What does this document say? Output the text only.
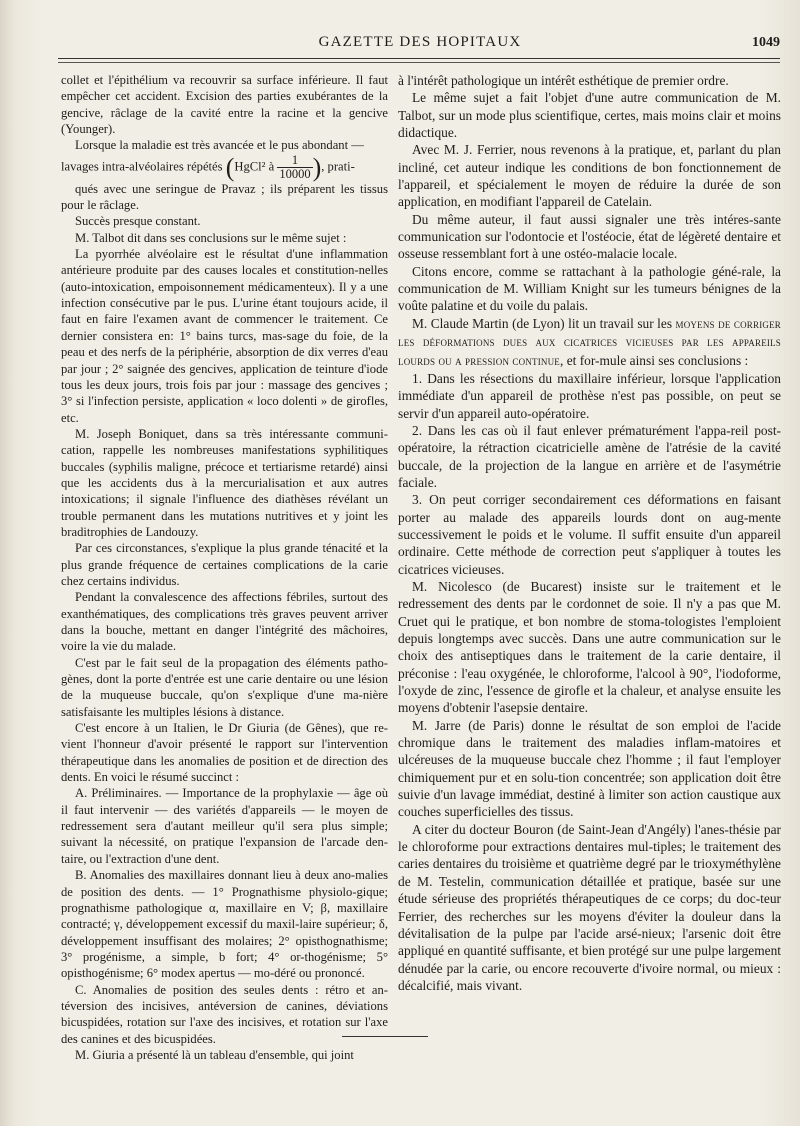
GAZETTE DES HOPITAUX	1049

collet et l'épithélium va recouvrir sa surface inférieure. Il faut empêcher cet accident. Excision des parties exubérantes de la gencive, râclage de la cavité entre la racine et la gencive (Younger).

Lorsque la maladie est très avancée et le pus abondant —

lavages intra-alvéolaires répétés (HgCl² à $\frac{1}{10000}$ ), prati-

qués avec une seringue de Pravaz ; ils préparent les tissus pour le râclage.

Succès presque constant.

M. Talbot dit dans ses conclusions sur le même sujet :

La pyorrhée alvéolaire est le résultat d'une inflammation antérieure produite par des causes locales et constitution-nelles (auto-intoxication, empoisonnement médicamenteux). Il y a une infection consécutive par le pus. L'urine étant toujours acide, il faut en faire l'examen avant de commencer le traitement. Ce dernier consistera en: 1° bains turcs, mas-sage du foie, de la peau et des nerfs de la périphérie, absorption de dix verres d'eau par jour ; 2° saignée des gencives, application de teinture d'iode tous les deux jours, trois fois par jour : massage des gencives ; 3° si l'infection persiste, application « loco dolenti » de girofles, etc.

M. Joseph Boniquet, dans sa très intéressante communi-cation, rappelle les nombreuses manifestations syphilitiques buccales (syphilis maligne, précoce et tertiarisme retardé) ainsi que les accidents dus à la mercurialisation et aux autres intoxications; il signale l'influence des diathèses révélant un trouble permanent dans les mutations nutritives et y joint les braditrophies de Landouzy.

Par ces circonstances, s'explique la plus grande ténacité et la plus grande fréquence de certaines complications de la carie chez certains individus.

Pendant la convalescence des affections fébriles, surtout des exanthématiques, des complications très graves peuvent arriver dans la bouche, mettant en danger l'intégrité des mâchoires, voire la vie du malade.

C'est par le fait seul de la propagation des éléments patho-gènes, dont la porte d'entrée est une carie dentaire ou une lésion de la muqueuse buccale, qu'on s'explique d'une ma-nière satisfaisante les multiples lésions à distance.

C'est encore à un Italien, le Dr Giuria (de Gênes), que re-vient l'honneur d'avoir présenté le rapport sur l'intervention thérapeutique dans les anomalies de position et de direction des dents. En voici le résumé succinct :

A. Préliminaires. — Importance de la prophylaxie — âge où il faut intervenir — des variétés d'appareils — le moyen de redressement sera d'autant meilleur qu'il sera plus simple; suivant la nécessité, on pratique l'expansion de l'arcade den-taire, ou l'extraction d'une dent.

B. Anomalies des maxillaires donnant lieu à deux ano-malies de position des dents. — 1° Prognathisme physiolo-gique; prognathisme pathologique α, maxillaire en V; β, maxillaire contracté; γ, développement excessif du maxil-laire supérieur; δ, développement insuffisant des molaires; 2° opisthognathisme; 3° progénisme, a simple, b fort; 4° or-thogénisme; 5° opisthogénisme; 6° modex apertus — mo-déré ou prononcé.

C. Anomalies de position des seules dents : rétro et an-téversion des incisives, antéversion de canines, déviations bicuspidées, rotation sur l'axe des incisives, et rotation sur l'axe des canines et des bicuspidées.

M. Giuria a présenté là un tableau d'ensemble, qui joint

à l'intérêt pathologique un intérêt esthétique de premier ordre.

Le même sujet a fait l'objet d'une autre communication de M. Talbot, sur un mode plus scientifique, certes, mais moins clair et moins didactique.

Avec M. J. Ferrier, nous revenons à la pratique, et, parlant du plan incliné, cet auteur indique les conditions de bon fonctionnement de l'appareil, et spécialement le moyen de réduire la durée de son application, en modifiant l'appareil de Catelain.

Du même auteur, il faut aussi signaler une très intéres-sante communication sur l'odontocie et l'ostéocie, état de légèreté dentaire et osseuse ressemblant fort à une ostéo-malacie locale.

Citons encore, comme se rattachant à la pathologie géné-rale, la communication de M. William Knight sur les tumeurs bénignes de la voûte palatine et du voile du palais.

M. Claude Martin (de Lyon) lit un travail sur les moyens de corriger les déformations dues aux cicatrices vicieuses par les appareils lourds ou a pression continue, et for-mule ainsi ses conclusions :

1. Dans les résections du maxillaire inférieur, lorsque l'application immédiate d'un appareil de prothèse n'est pas possible, on peut se servir d'un appareil auto-opératoire.

2. Dans les cas où il faut enlever prématurément l'appa-reil post-opératoire, la rétraction cicatricielle amène de l'atrésie de la cavité buccale, de la projection de la langue en arrière et de l'asymétrie faciale.

3. On peut corriger secondairement ces déformations en faisant porter au malade des appareils lourds dont on aug-mente successivement le poids et le volume. Il suffit ensuite d'un appareil ordinaire. Cette méthode de correction peut s'appliquer à toutes les cicatrices vicieuses.

M. Nicolesco (de Bucarest) insiste sur le traitement et le redressement des dents par le cordonnet de soie. Il n'y a pas que M. Cruet qui le pratique, et bon nombre de stoma-tologistes l'emploient depuis longtemps avec succès. Dans une autre communication sur le choix des antiseptiques dans le traitement de la carie dentaire, il préconise : l'eau oxygénée, le chloroforme, l'alcool à 90°, l'iodoforme, l'oxyde de zinc, l'essence de girofle et la chaleur, et analyse ensuite les moyens d'obtenir l'asepsie dentaire.

M. Jarre (de Paris) donne le résultat de son emploi de l'acide chromique dans le traitement des maladies inflam-matoires et ulcéreuses de la muqueuse buccale chez l'homme ; il faut l'employer chimiquement pur et en solu-tion concentrée; son application doit être suivie d'un lavage immédiat, destiné à limiter son action caustique aux couches superficielles des tissus.

A citer du docteur Bouron (de Saint-Jean d'Angély) l'anes-thésie par le chloroforme pour extractions dentaires mul-tiples; le traitement des caries dentaires du troisième et quatrième degré par le trioxyméthylène de M. Testelin, communication détaillée et pratique, basée sur une étude sérieuse des propriétés thérapeutiques de ce corps; du doc-teur Ferrier, des recherches sur les moyens d'éviter la douleur dans la dévitalisation de la pulpe par l'acide arsé-nieux; l'arsenic doit être appliqué en quantité suffisante, et bien protégé sur une pulpe largement dénudée par la carie, ou encore recouverte d'ivoire normal, ou mieux : décalcifié, mais vivant.
